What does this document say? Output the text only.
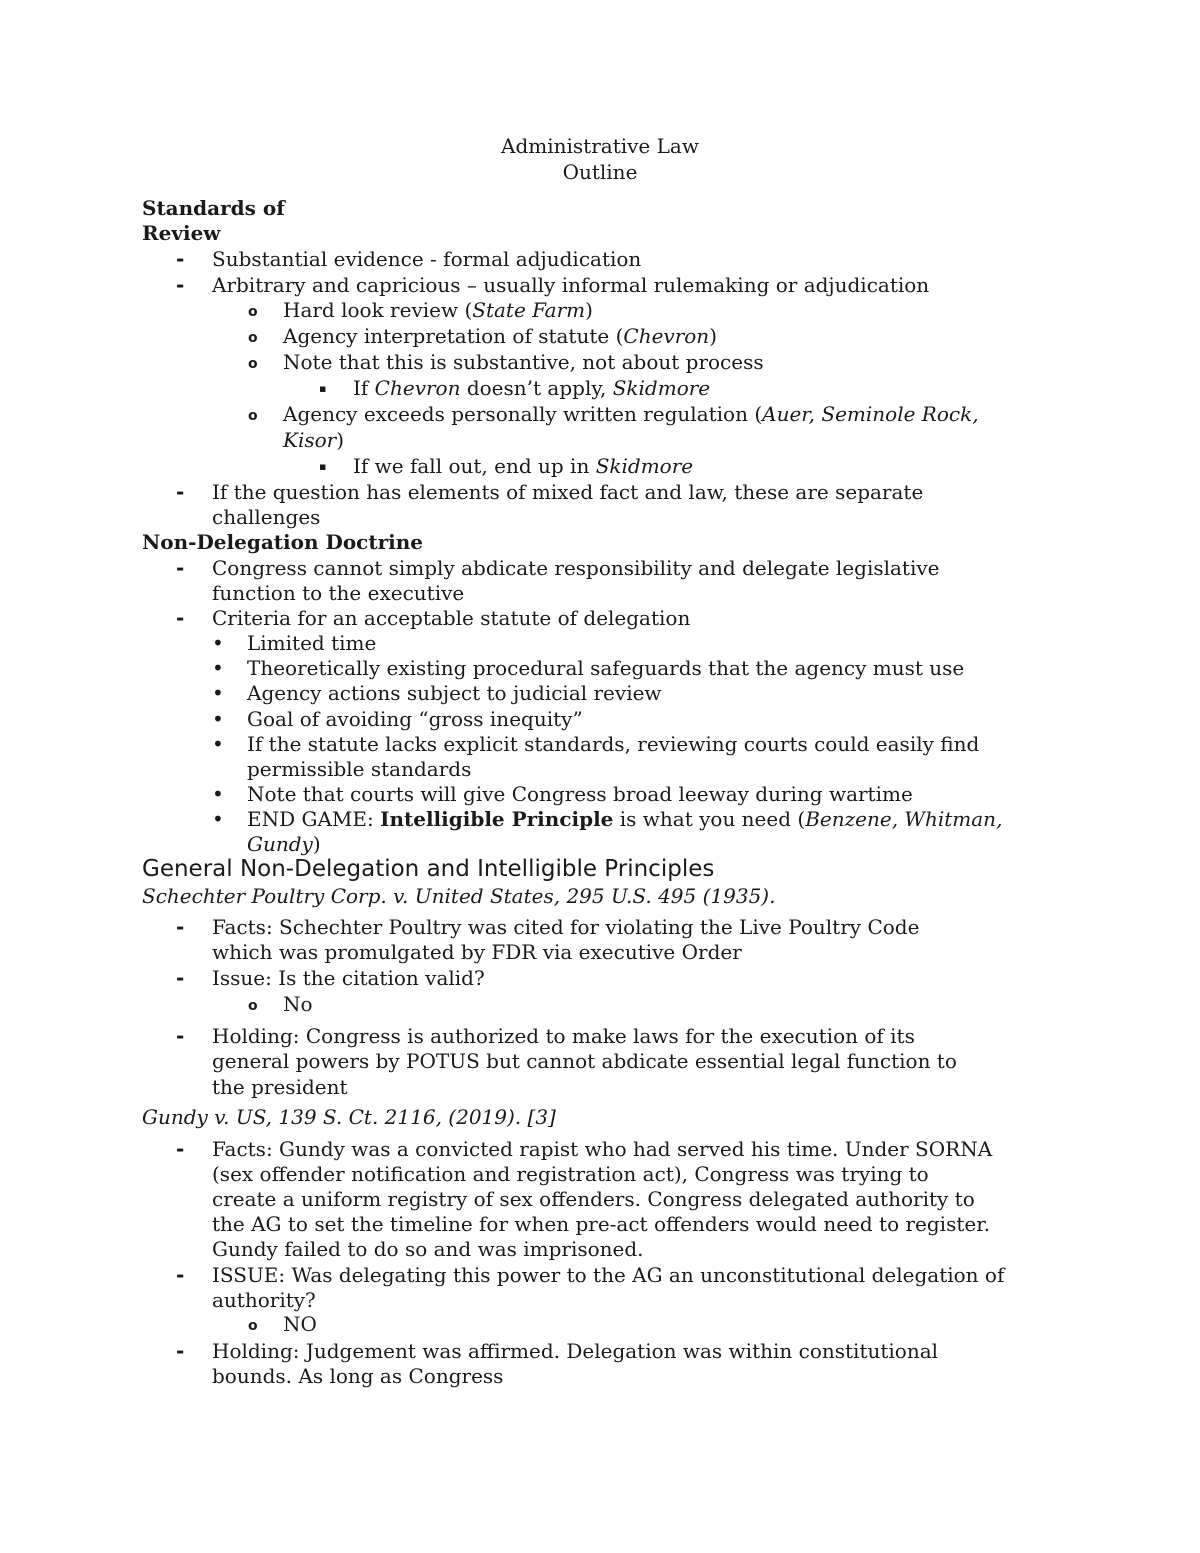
Administrative Law
Outline
Standards of
Review
- Substantial evidence - formal adjudication
- Arbitrary and capricious – usually informal rulemaking or adjudication
o Hard look review (State Farm)
o Agency interpretation of statute (Chevron)
o Note that this is substantive, not about process
▪ If Chevron doesn’t apply, Skidmore
o Agency exceeds personally written regulation (Auer, Seminole Rock,
Kisor)
▪ If we fall out, end up in Skidmore
- If the question has elements of mixed fact and law, these are separate
challenges
Non-Delegation Doctrine
- Congress cannot simply abdicate responsibility and delegate legislative
function to the executive
- Criteria for an acceptable statute of delegation
• Limited time
• Theoretically existing procedural safeguards that the agency must use
• Agency actions subject to judicial review
• Goal of avoiding “gross inequity”
• If the statute lacks explicit standards, reviewing courts could easily find
permissible standards
• Note that courts will give Congress broad leeway during wartime
• END GAME: Intelligible Principle is what you need (Benzene, Whitman,
Gundy)
General Non-Delegation and Intelligible Principles
Schechter Poultry Corp. v. United States, 295 U.S. 495 (1935).
- Facts: Schechter Poultry was cited for violating the Live Poultry Code
which was promulgated by FDR via executive Order
- Issue: Is the citation valid?
o No
- Holding: Congress is authorized to make laws for the execution of its
general powers by POTUS but cannot abdicate essential legal function to
the president
Gundy v. US, 139 S. Ct. 2116, (2019). [3]
- Facts: Gundy was a convicted rapist who had served his time. Under SORNA
(sex offender notification and registration act), Congress was trying to
create a uniform registry of sex offenders. Congress delegated authority to
the AG to set the timeline for when pre-act offenders would need to register.
Gundy failed to do so and was imprisoned.
- ISSUE: Was delegating this power to the AG an unconstitutional delegation of
authority?
o NO
- Holding: Judgement was affirmed. Delegation was within constitutional
bounds. As long as Congress
